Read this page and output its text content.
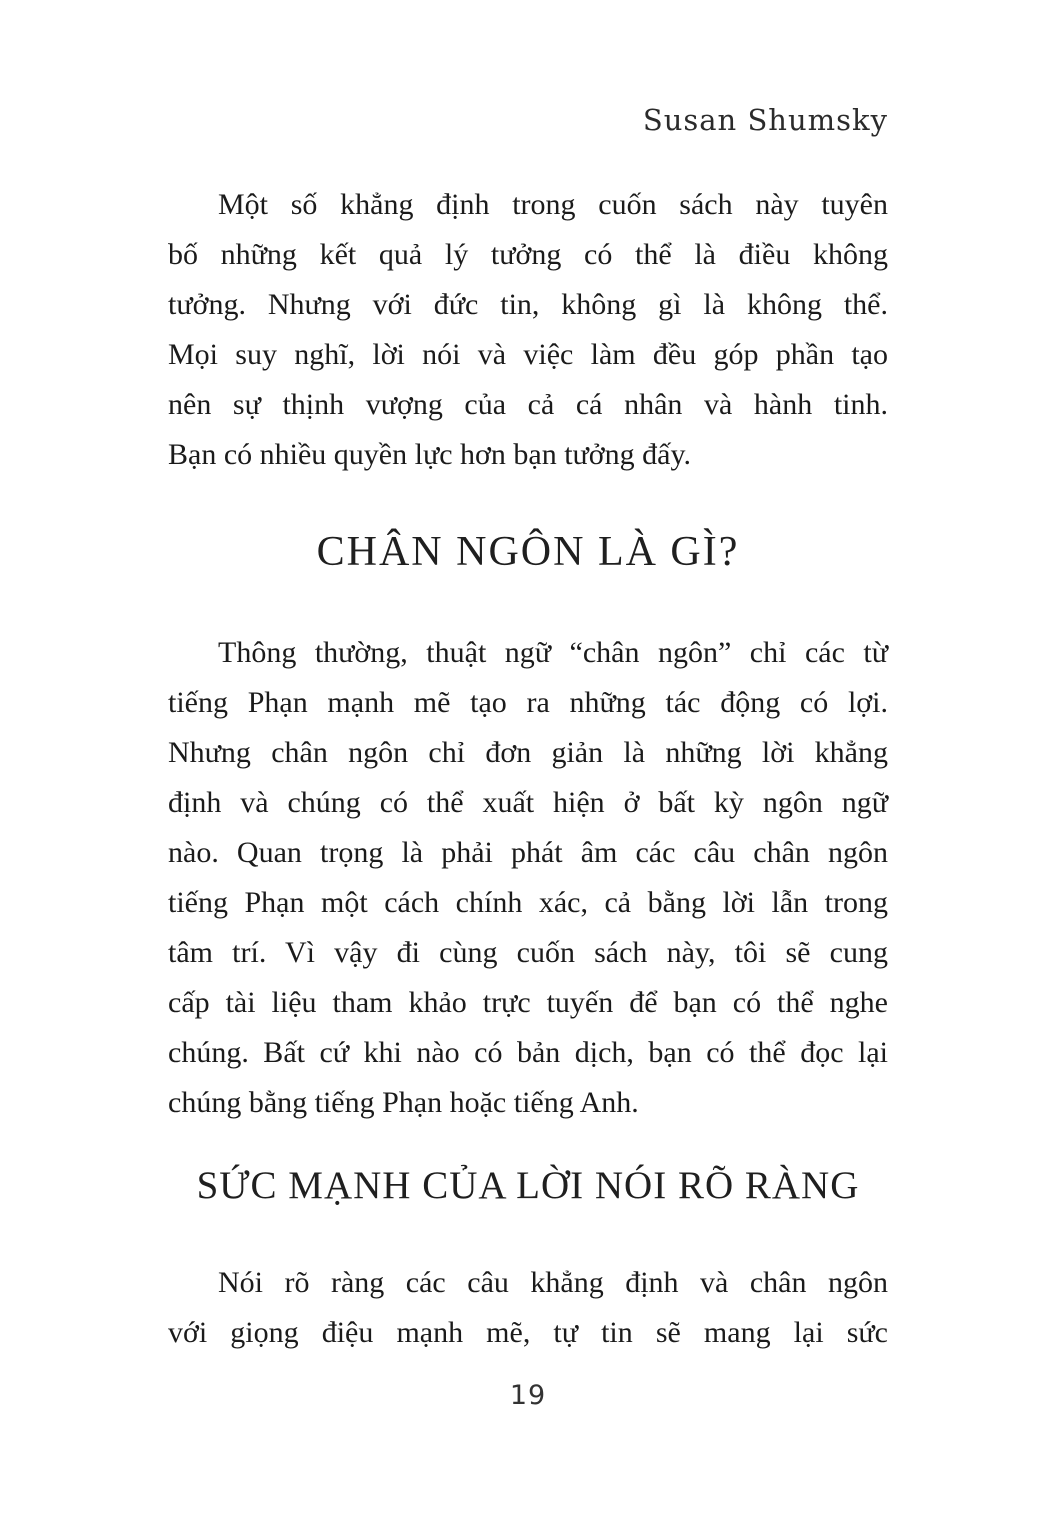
Susan Shumsky
Một số khẳng định trong cuốn sách này tuyên
bố những kết quả lý tưởng có thể là điều không
tưởng. Nhưng với đức tin, không gì là không thể.
Mọi suy nghĩ, lời nói và việc làm đều góp phần tạo
nên sự thịnh vượng của cả cá nhân và hành tinh.
Bạn có nhiều quyền lực hơn bạn tưởng đấy.
CHÂN NGÔN LÀ GÌ?
Thông thường, thuật ngữ “chân ngôn” chỉ các từ
tiếng Phạn mạnh mẽ tạo ra những tác động có lợi.
Nhưng chân ngôn chỉ đơn giản là những lời khẳng
định và chúng có thể xuất hiện ở bất kỳ ngôn ngữ
nào. Quan trọng là phải phát âm các câu chân ngôn
tiếng Phạn một cách chính xác, cả bằng lời lẫn trong
tâm trí. Vì vậy đi cùng cuốn sách này, tôi sẽ cung
cấp tài liệu tham khảo trực tuyến để bạn có thể nghe
chúng. Bất cứ khi nào có bản dịch, bạn có thể đọc lại
chúng bằng tiếng Phạn hoặc tiếng Anh.
SỨC MẠNH CỦA LỜI NÓI RÕ RÀNG
Nói rõ ràng các câu khẳng định và chân ngôn
với giọng điệu mạnh mẽ, tự tin sẽ mang lại sức
19
